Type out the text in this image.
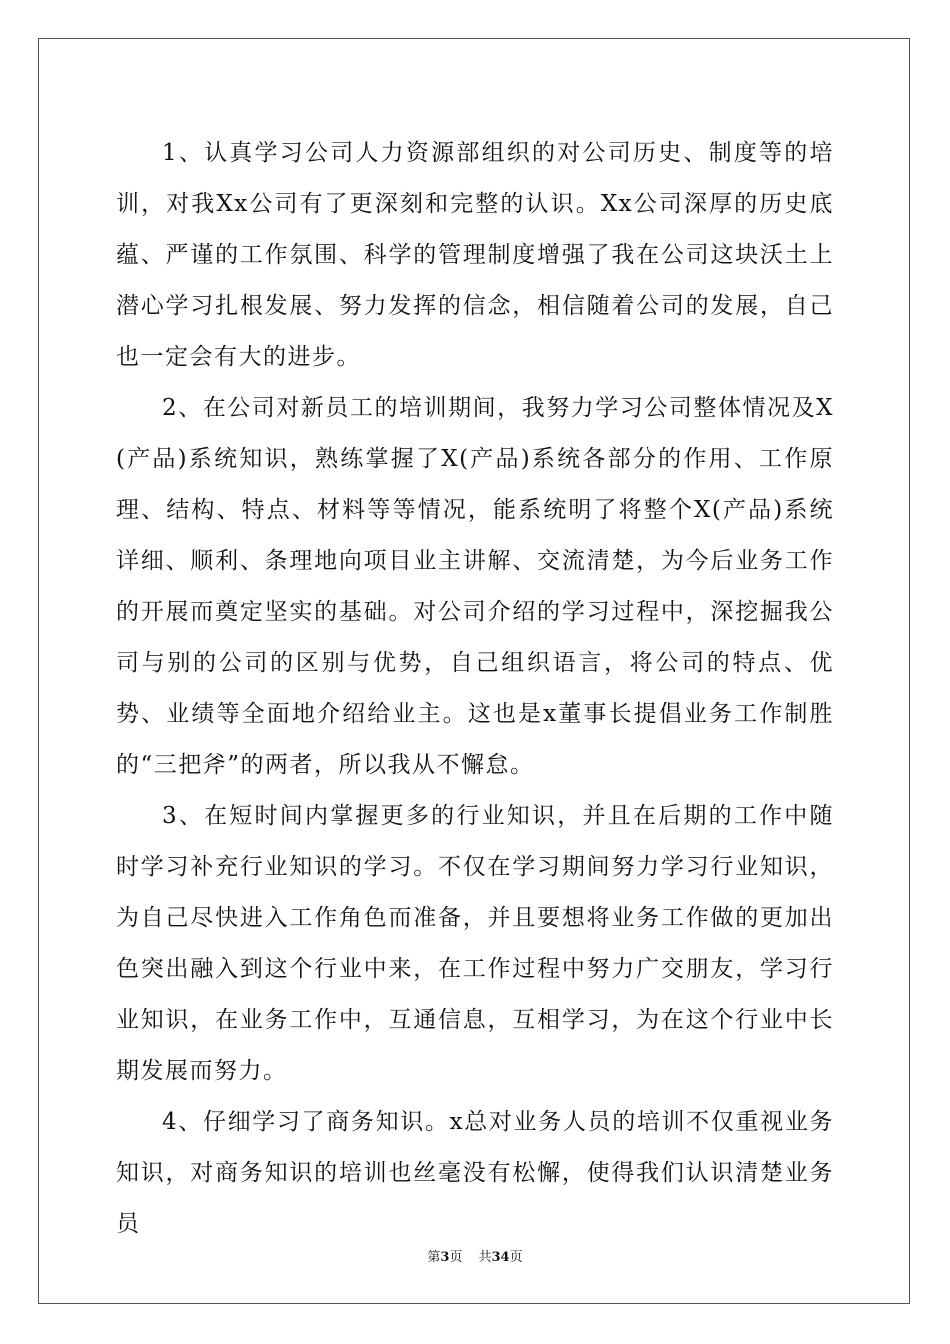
1、认真学习公司人力资源部组织的对公司历史、制度等的培训，对我Xx公司有了更深刻和完整的认识。Xx公司深厚的历史底蕴、严谨的工作氛围、科学的管理制度增强了我在公司这块沃土上潜心学习扎根发展、努力发挥的信念，相信随着公司的发展，自己也一定会有大的进步。

2、在公司对新员工的培训期间，我努力学习公司整体情况及X(产品)系统知识，熟练掌握了X(产品)系统各部分的作用、工作原理、结构、特点、材料等等情况，能系统明了将整个X(产品)系统详细、顺利、条理地向项目业主讲解、交流清楚，为今后业务工作的开展而奠定坚实的基础。对公司介绍的学习过程中，深挖掘我公司与别的公司的区别与优势，自己组织语言，将公司的特点、优势、业绩等全面地介绍给业主。这也是x董事长提倡业务工作制胜的“三把斧”的两者，所以我从不懈怠。

3、在短时间内掌握更多的行业知识，并且在后期的工作中随时学习补充行业知识的学习。不仅在学习期间努力学习行业知识，为自己尽快进入工作角色而准备，并且要想将业务工作做的更加出色突出融入到这个行业中来，在工作过程中努力广交朋友，学习行业知识，在业务工作中，互通信息，互相学习，为在这个行业中长期发展而努力。

4、仔细学习了商务知识。x总对业务人员的培训不仅重视业务知识，对商务知识的培训也丝毫没有松懈，使得我们认识清楚业务员

第3页 共34页
